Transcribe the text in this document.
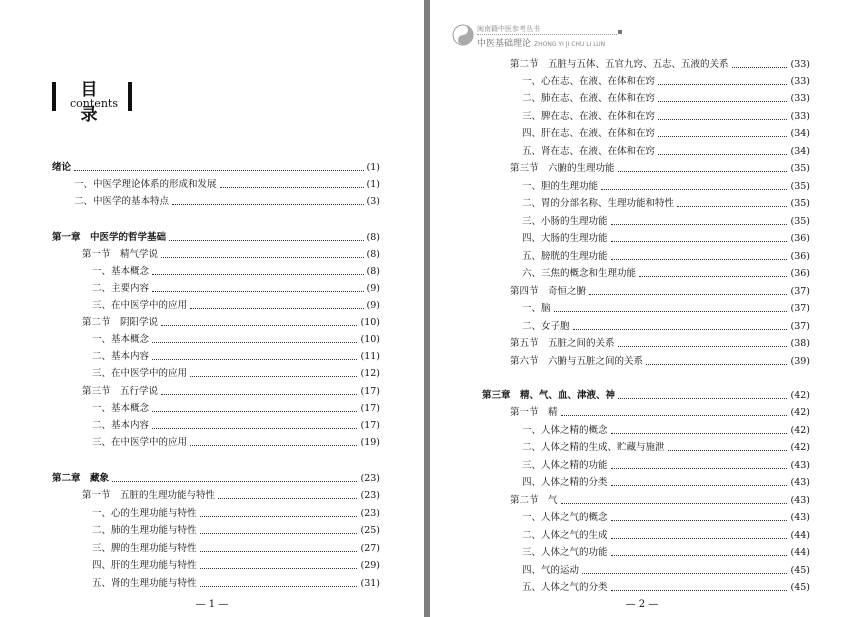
目 录
contents
绪论	(1)
一、中医学理论体系的形成和发展	(1)
二、中医学的基本特点	(3)
第一章　中医学的哲学基础	(8)
第一节　精气学说	(8)
一、基本概念	(8)
二、主要内容	(9)
三、在中医学中的应用	(9)
第二节　阴阳学说	(10)
一、基本概念	(10)
二、基本内容	(11)
三、在中医学中的应用	(12)
第三节　五行学说	(17)
一、基本概念	(17)
二、基本内容	(17)
三、在中医学中的应用	(19)
第二章　藏象	(23)
第一节　五脏的生理功能与特性	(23)
一、心的生理功能与特性	(23)
二、肺的生理功能与特性	(25)
三、脾的生理功能与特性	(27)
四、肝的生理功能与特性	(29)
五、肾的生理功能与特性	(31)
— 1 —
闽南籍中医参考丛书
中医基础理论 ZHONG YI JI CHU LI LUN
第二节　五脏与五体、五官九窍、五志、五液的关系	(33)
一、心在志、在液、在体和在窍	(33)
二、肺在志、在液、在体和在窍	(33)
三、脾在志、在液、在体和在窍	(33)
四、肝在志、在液、在体和在窍	(34)
五、肾在志、在液、在体和在窍	(34)
第三节　六腑的生理功能	(35)
一、胆的生理功能	(35)
二、胃的分部名称、生理功能和特性	(35)
三、小肠的生理功能	(35)
四、大肠的生理功能	(36)
五、膀胱的生理功能	(36)
六、三焦的概念和生理功能	(36)
第四节　奇恒之腑	(37)
一、脑	(37)
二、女子胞	(37)
第五节　五脏之间的关系	(38)
第六节　六腑与五脏之间的关系	(39)
第三章　精、气、血、津液、神	(42)
第一节　精	(42)
一、人体之精的概念	(42)
二、人体之精的生成、贮藏与施泄	(42)
三、人体之精的功能	(43)
四、人体之精的分类	(43)
第二节　气	(43)
一、人体之气的概念	(43)
二、人体之气的生成	(44)
三、人体之气的功能	(44)
四、气的运动	(45)
五、人体之气的分类	(45)
— 2 —
